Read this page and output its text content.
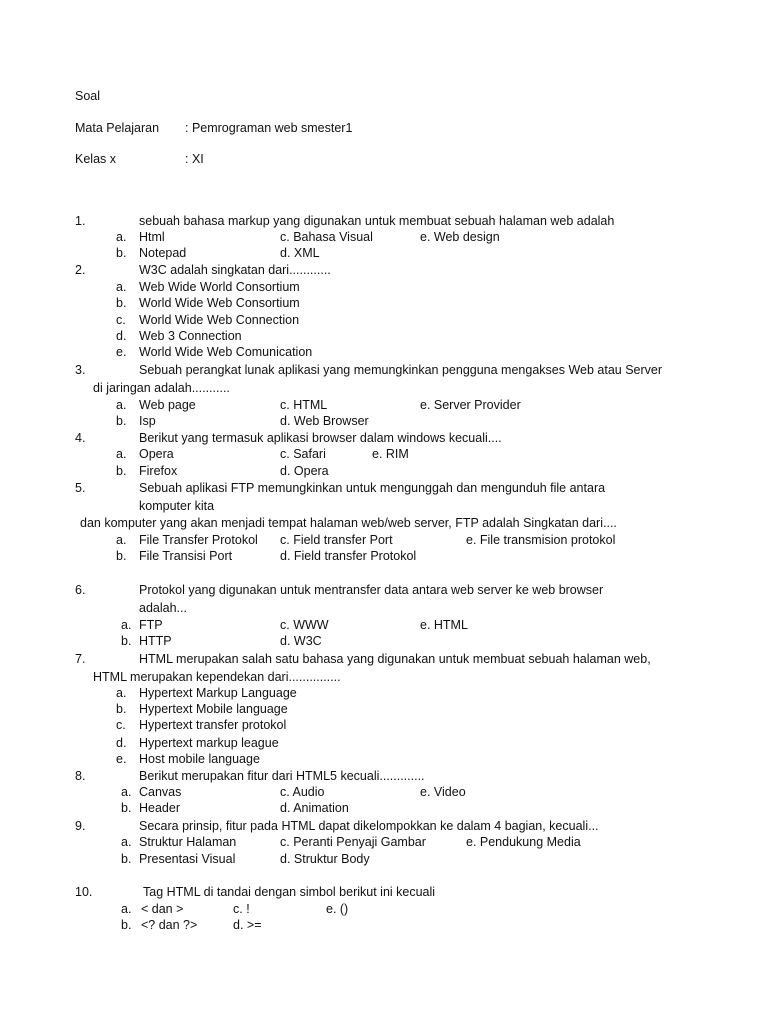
Soal
Mata Pelajaran : Pemrograman web smester1
Kelas x	: XI
1.	sebuah bahasa markup yang digunakan untuk membuat sebuah halaman web adalah
a. Html
b. Notepad
c. Bahasa Visual
d. XML
e. Web design
2.	W3C adalah singkatan dari............
a. Web Wide World Consortium
b. World Wide Web Consortium
c. World Wide Web Connection
d. Web 3 Connection
e. World Wide Web Comunication
3.	Sebuah perangkat lunak aplikasi yang memungkinkan pengguna mengakses Web atau Server
di jaringan adalah...........
a. Web page
b. Isp
c. HTML
d. Web Browser
e. Server Provider
4.	Berikut yang termasuk aplikasi browser dalam windows kecuali....
a. Opera
b. Firefox
c. Safari
d. Opera
e. RIM
5.	Sebuah aplikasi FTP memungkinkan untuk mengunggah dan mengunduh file antara
komputer kita
dan komputer yang akan menjadi tempat halaman web/web server, FTP adalah Singkatan dari....
a. File Transfer Protokol
b. File Transisi Port
c. Field transfer Port
d. Field transfer Protokol
e. File transmision protokol
6.	Protokol yang digunakan untuk mentransfer data antara web server ke web browser
adalah...
a. FTP
b. HTTP
c. WWW
d. W3C
e. HTML
7.	HTML merupakan salah satu bahasa yang digunakan untuk membuat sebuah halaman web,
HTML merupakan kependekan dari...............
a. Hypertext Markup Language
b. Hypertext Mobile language
c. Hypertext transfer protokol
d. Hypertext markup league
e. Host mobile language
8.	Berikut merupakan fitur dari HTML5 kecuali.............
a. Canvas
b. Header
c. Audio
d. Animation
e. Video
9.	Secara prinsip, fitur pada HTML dapat dikelompokkan ke dalam 4 bagian, kecuali...
a. Struktur Halaman
b. Presentasi Visual
c. Peranti Penyaji Gambar
d. Struktur Body
e. Pendukung Media
10.	Tag HTML di tandai dengan simbol berikut ini kecuali
a. < dan >
b. <? dan ?>
c. !
d. >=
e. ()
